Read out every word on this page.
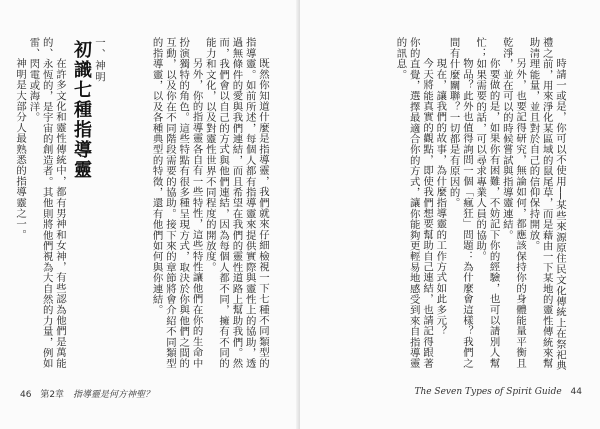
初識七種指導靈	既然你知道什麼是指導靈，我們就來仔細檢視一下七種不同類型的指導靈。如前所述，每個人都有指導靈來提供實際與靈性上的協助，透過無條件的愛與我們連結，而且希望在我們的靈性道路上幫助我們。然而，我們會以自己的方式與他們連結，因為每個人都不同，擁有不同的能力和文化，以及對靈性世界不同程度的開放度。

另外，你的指導靈各自有一些特性，這些特性讓他們在你的生命中扮演獨特的角色。這些特點有很多種呈現方式，取決於你與他們之間的互動，以及你在不同階段需要的協助。接下來的章節將會介紹不同類型的指導靈，以及各種典型的特徵，還有他們如何與你連結。

一、神明

在許多文化和靈性傳統中，都有男神和女神，有些認為他們是萬能的、永恆的，是宇宙的創造者。其他則將他們視為大自然的力量，例如雷、閃電或海洋。

神明是大部分人最熟悉的指導靈之一。

46 第2章 指導靈是何方神聖？

時請一或是，你可以不使用──某些來源原住民文化傳統上在祭祀典禮之前，用來淨化某區域的鼠尾草，而是藉由一下某地的靈性傳統來幫助清理能量，並且對於自己的信仰保持開放。

另外，也要記得研究，無論如何，都應該保持你的身體能量平衡且乾淨，並在可以的時候嘗試與指導靈連結。

你要做的是，如果你有困難，不妨記下你的經驗，也可以請別人幫忙；如果需要的話，可以尋求專業人員的協助。

物品？此外也值得詢問一個「瘋狂」問題：為什麼會這樣？我們之間有什麼關聯？一切都是有原因的。

現在，讓我們的故事，為什麼指導靈的工作方式如此多元？

今天將能真實的觀點，即使我們想要幫助自己連結，也請記得跟著你的直覺，選擇最適合你的方式，讓你能夠更輕易地感受到來自指導靈的訊息。

The Seven Types of Spirit Guide 44
